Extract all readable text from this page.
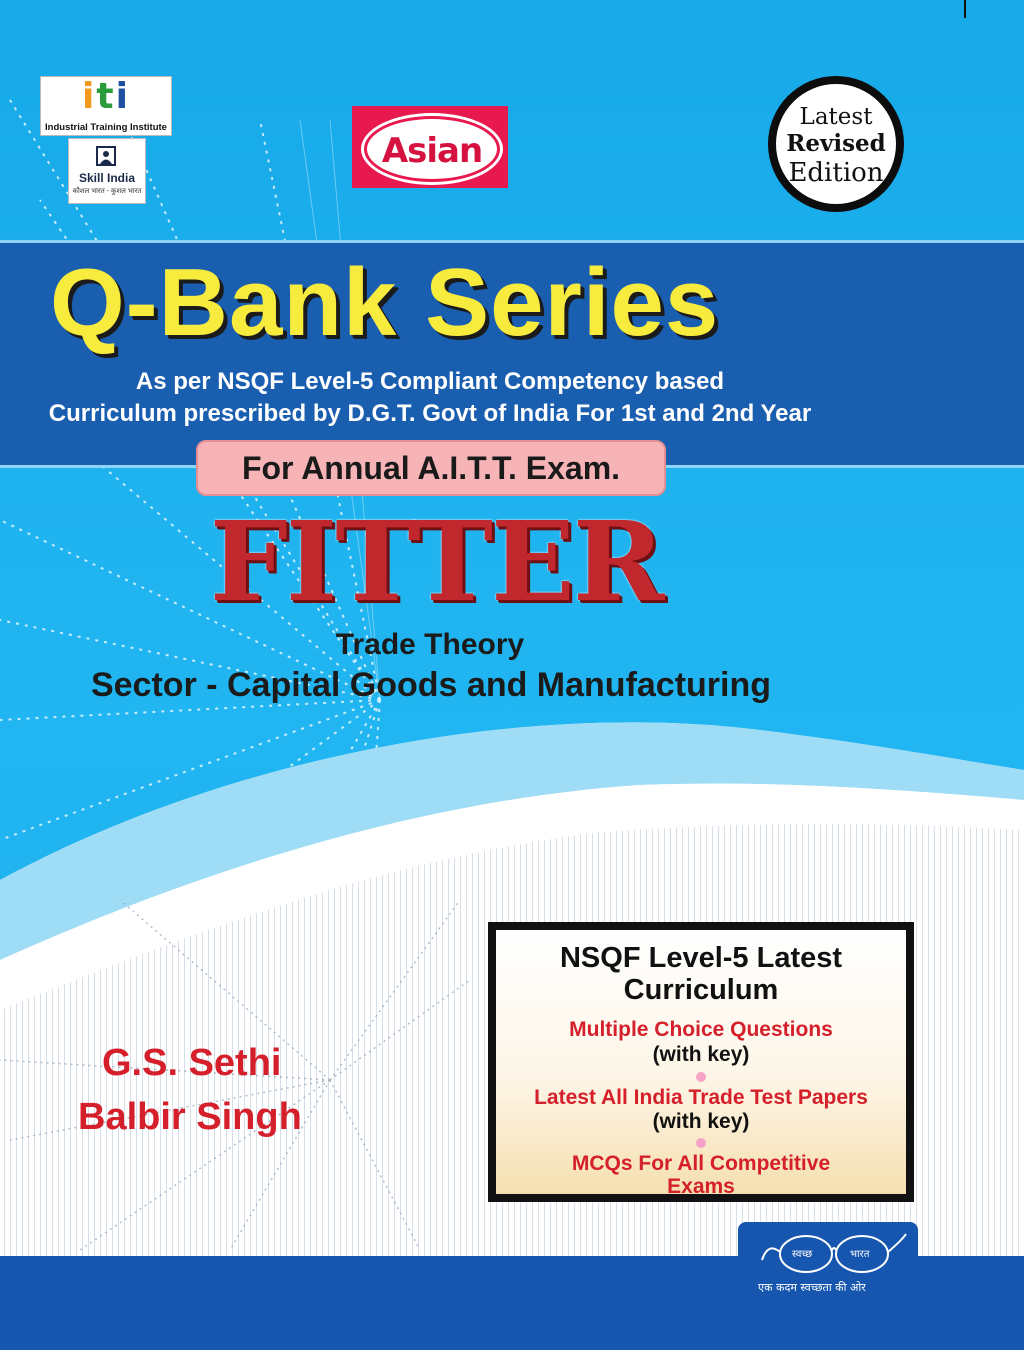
iti
Industrial Training Institute
Skill India
कौशल भारत - कुशल भारत
Asian
Latest
Revised
Edition
Q-Bank Series
As per NSQF Level-5 Compliant Competency based
Curriculum prescribed by D.G.T. Govt of India For 1st and 2nd Year
For Annual A.I.T.T. Exam.
FITTER
Trade Theory
Sector - Capital Goods and Manufacturing
G.S. Sethi
Balbir Singh
NSQF Level-5 Latest
Curriculum
Multiple Choice Questions
(with key)
Latest All India Trade Test Papers
(with key)
MCQs For All Competitive
Exams
स्वच्छ	भारत
एक कदम स्वच्छता की ओर
